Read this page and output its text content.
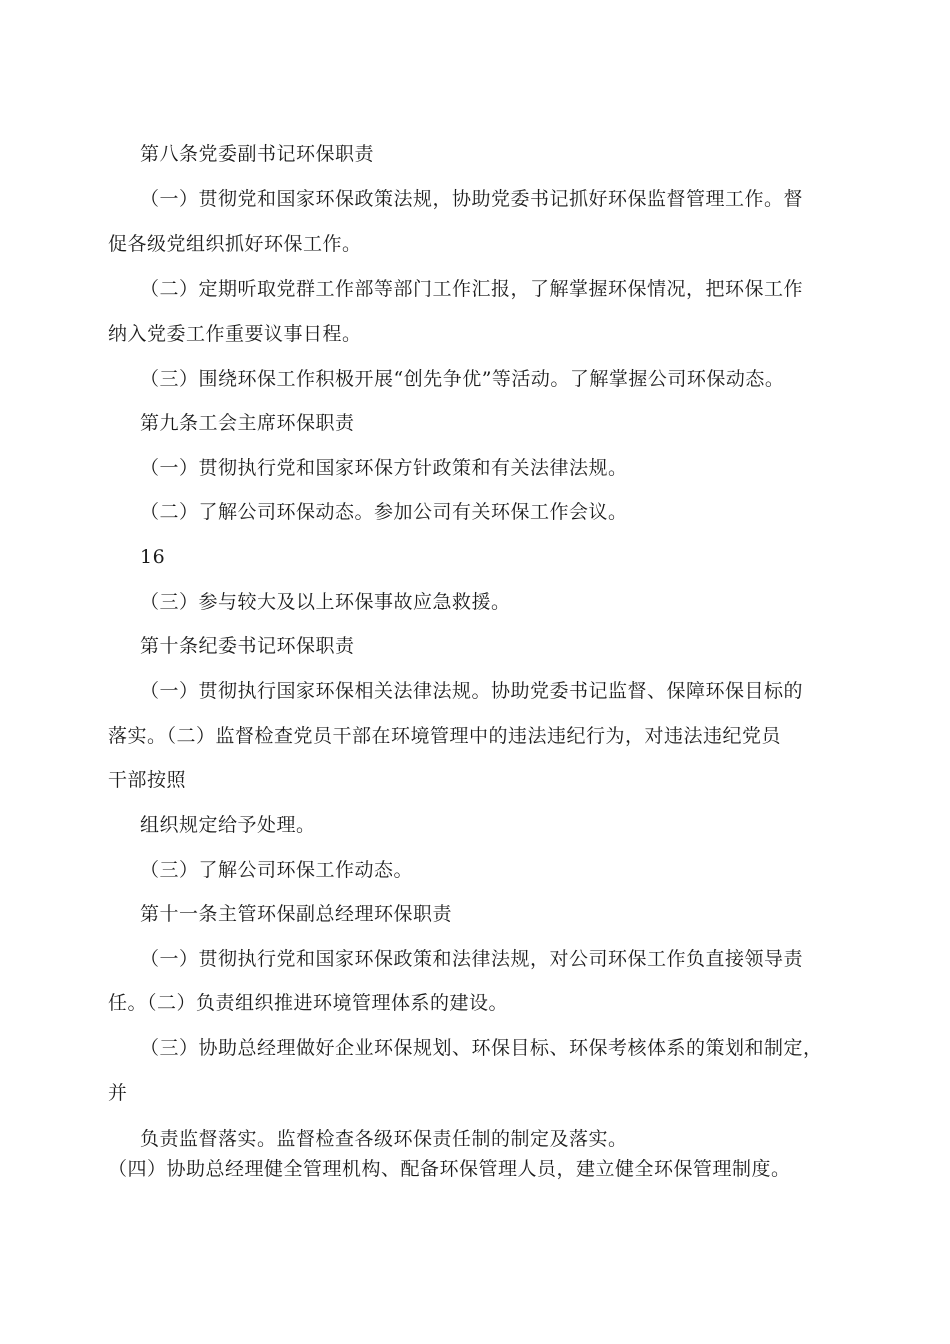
第八条党委副书记环保职责
（一）贯彻党和国家环保政策法规，协助党委书记抓好环保监督管理工作。督
促各级党组织抓好环保工作。
（二）定期听取党群工作部等部门工作汇报，了解掌握环保情况，把环保工作
纳入党委工作重要议事日程。
（三）围绕环保工作积极开展“创先争优”等活动。了解掌握公司环保动态。
第九条工会主席环保职责
（一）贯彻执行党和国家环保方针政策和有关法律法规。
（二）了解公司环保动态。参加公司有关环保工作会议。
16
（三）参与较大及以上环保事故应急救援。
第十条纪委书记环保职责
（一）贯彻执行国家环保相关法律法规。协助党委书记监督、保障环保目标的
落实。（二）监督检查党员干部在环境管理中的违法违纪行为，对违法违纪党员
干部按照
组织规定给予处理。
（三）了解公司环保工作动态。
第十一条主管环保副总经理环保职责
（一）贯彻执行党和国家环保政策和法律法规，对公司环保工作负直接领导责
任。（二）负责组织推进环境管理体系的建设。
（三）协助总经理做好企业环保规划、环保目标、环保考核体系的策划和制定，
并
负责监督落实。监督检查各级环保责任制的制定及落实。
（四）协助总经理健全管理机构、配备环保管理人员，建立健全环保管理制度。
